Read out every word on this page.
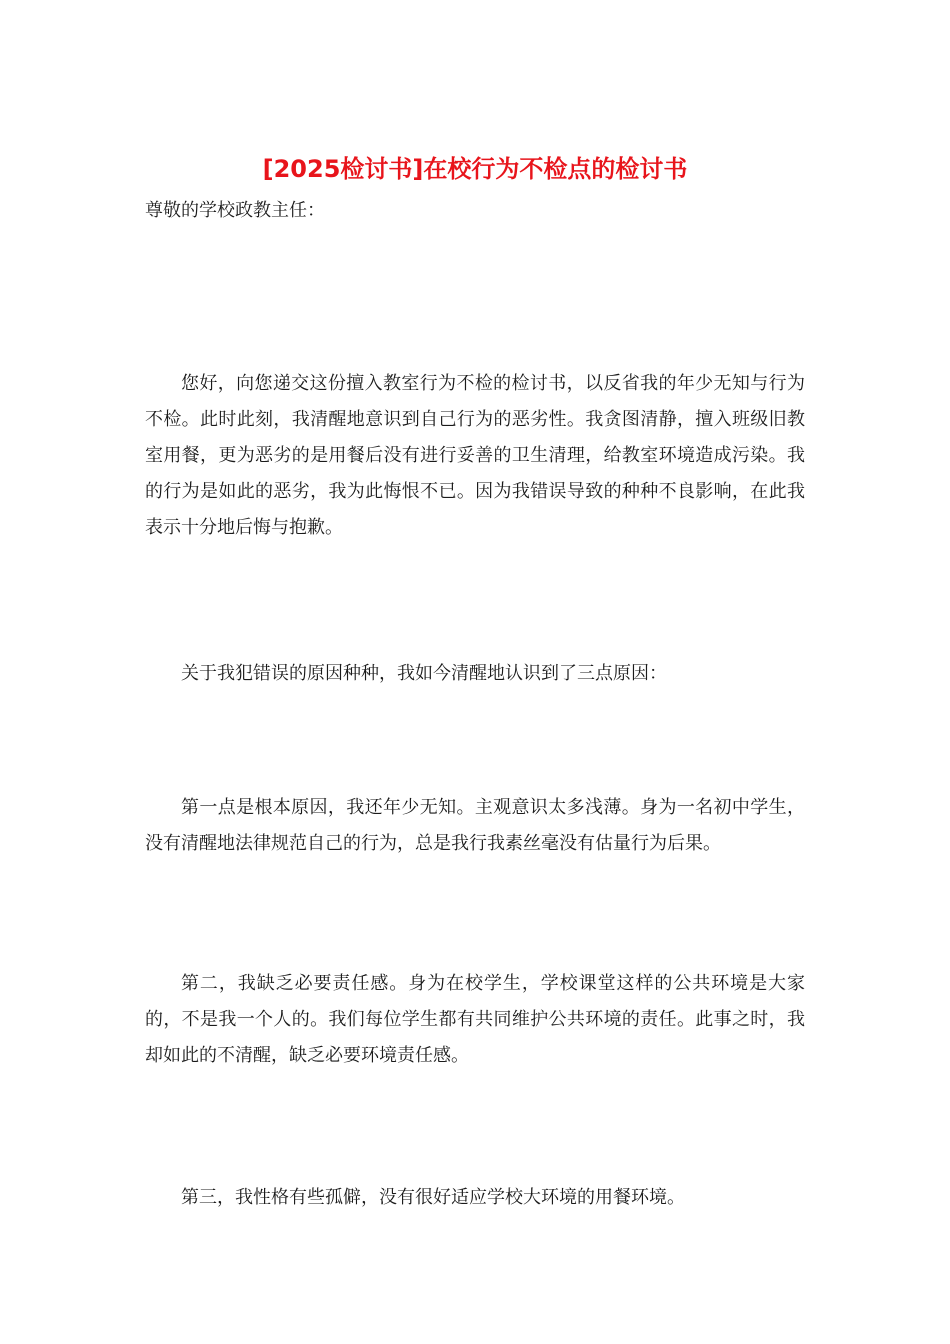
[2025检讨书]在校行为不检点的检讨书

尊敬的学校政教主任：

您好，向您递交这份擅入教室行为不检的检讨书，以反省我的年少无知与行为不检。此时此刻，我清醒地意识到自己行为的恶劣性。我贪图清静，擅入班级旧教室用餐，更为恶劣的是用餐后没有进行妥善的卫生清理，给教室环境造成污染。我的行为是如此的恶劣，我为此悔恨不已。因为我错误导致的种种不良影响，在此我表示十分地后悔与抱歉。

关于我犯错误的原因种种，我如今清醒地认识到了三点原因：

第一点是根本原因，我还年少无知。主观意识太多浅薄。身为一名初中学生，没有清醒地法律规范自己的行为，总是我行我素丝毫没有估量行为后果。

第二，我缺乏必要责任感。身为在校学生，学校课堂这样的公共环境是大家的，不是我一个人的。我们每位学生都有共同维护公共环境的责任。此事之时，我却如此的不清醒，缺乏必要环境责任感。

第三，我性格有些孤僻，没有很好适应学校大环境的用餐环境。
